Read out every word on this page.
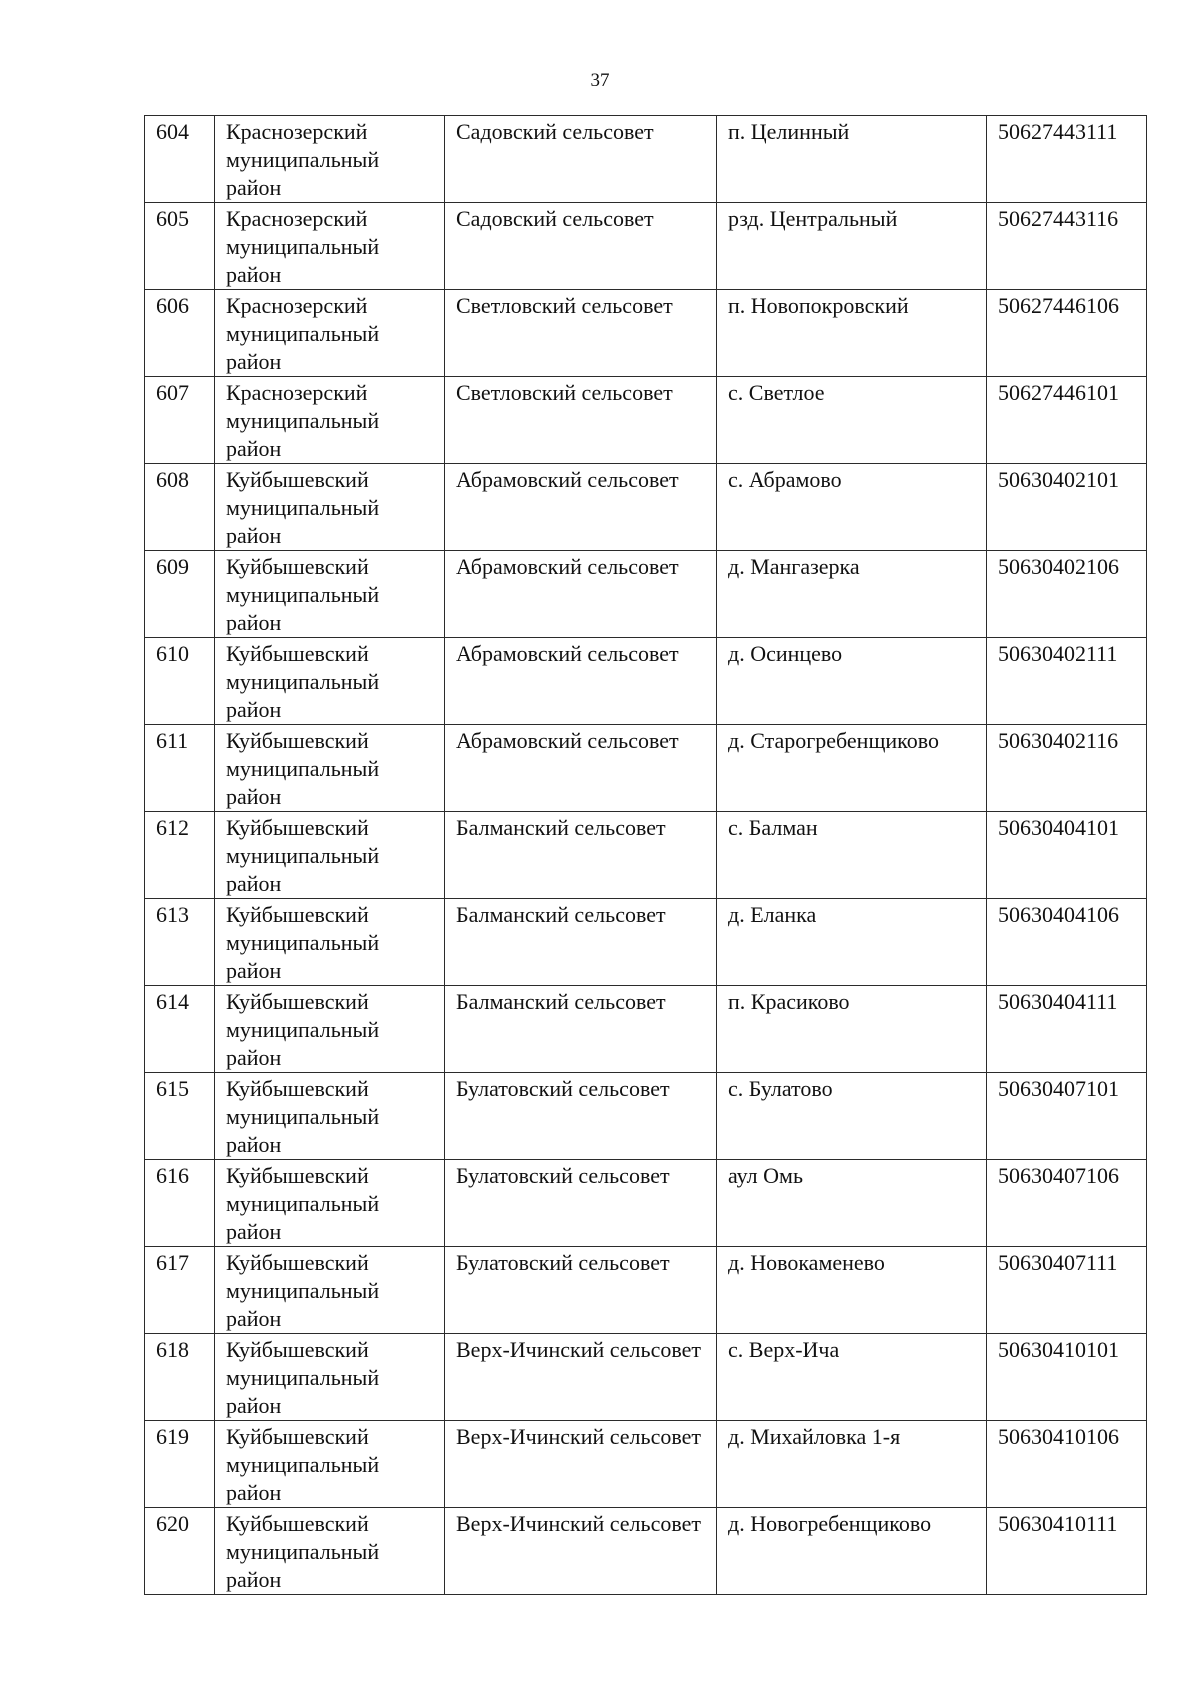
37
604	Краснозерский муниципальный район	Садовский сельсовет	п. Целинный	50627443111
605	Краснозерский муниципальный район	Садовский сельсовет	рзд. Центральный	50627443116
606	Краснозерский муниципальный район	Светловский сельсовет	п. Новопокровский	50627446106
607	Краснозерский муниципальный район	Светловский сельсовет	с. Светлое	50627446101
608	Куйбышевский муниципальный район	Абрамовский сельсовет	с. Абрамово	50630402101
609	Куйбышевский муниципальный район	Абрамовский сельсовет	д. Мангазерка	50630402106
610	Куйбышевский муниципальный район	Абрамовский сельсовет	д. Осинцево	50630402111
611	Куйбышевский муниципальный район	Абрамовский сельсовет	д. Старогребенщиково	50630402116
612	Куйбышевский муниципальный район	Балманский сельсовет	с. Балман	50630404101
613	Куйбышевский муниципальный район	Балманский сельсовет	д. Еланка	50630404106
614	Куйбышевский муниципальный район	Балманский сельсовет	п. Красиково	50630404111
615	Куйбышевский муниципальный район	Булатовский сельсовет	с. Булатово	50630407101
616	Куйбышевский муниципальный район	Булатовский сельсовет	аул Омь	50630407106
617	Куйбышевский муниципальный район	Булатовский сельсовет	д. Новокаменево	50630407111
618	Куйбышевский муниципальный район	Верх-Ичинский сельсовет	с. Верх-Ича	50630410101
619	Куйбышевский муниципальный район	Верх-Ичинский сельсовет	д. Михайловка 1-я	50630410106
620	Куйбышевский муниципальный район	Верх-Ичинский сельсовет	д. Новогребенщиково	50630410111
